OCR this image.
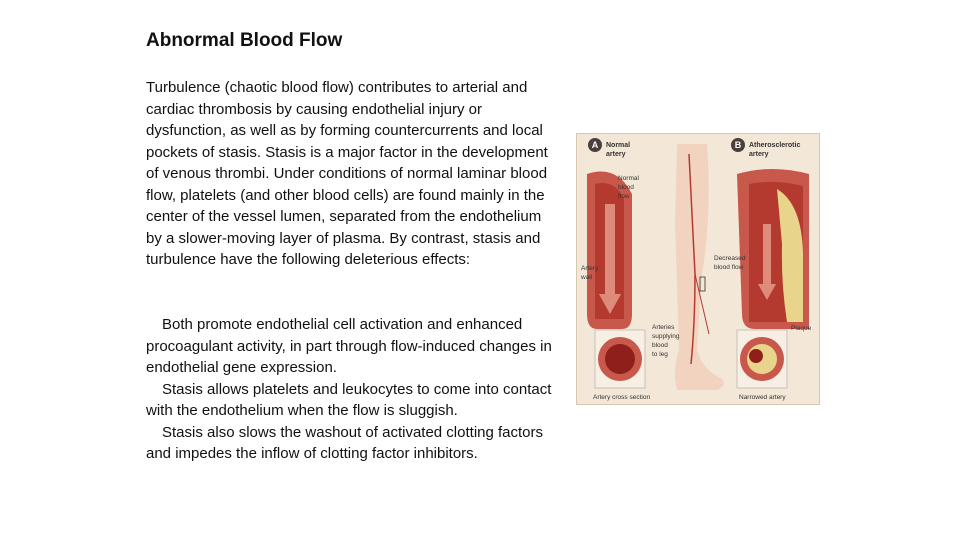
Abnormal Blood Flow

Turbulence (chaotic blood flow) contributes to arterial and cardiac thrombosis by causing endothelial injury or dysfunction, as well as by forming countercurrents and local pockets of stasis. Stasis is a major factor in the development of venous thrombi. Under conditions of normal laminar blood flow, platelets (and other blood cells) are found mainly in the center of the vessel lumen, separated from the endothelium by a slower-moving layer of plasma. By contrast, stasis and turbulence have the following deleterious effects:

Both promote endothelial cell activation and enhanced procoagulant activity, in part through flow-induced changes in endothelial gene expression.
Stasis allows platelets and leukocytes to come into contact with the endothelium when the flow is sluggish.
Stasis also slows the washout of activated clotting factors and impedes the inflow of clotting factor inhibitors.
A	B
Normal
artery
Atherosclerotic
artery
Normal
blood
flow
Artery
wall
Decreased
blood flow
Arteries
supplying
blood
to leg
Plaque
Artery cross section	Narrowed artery
